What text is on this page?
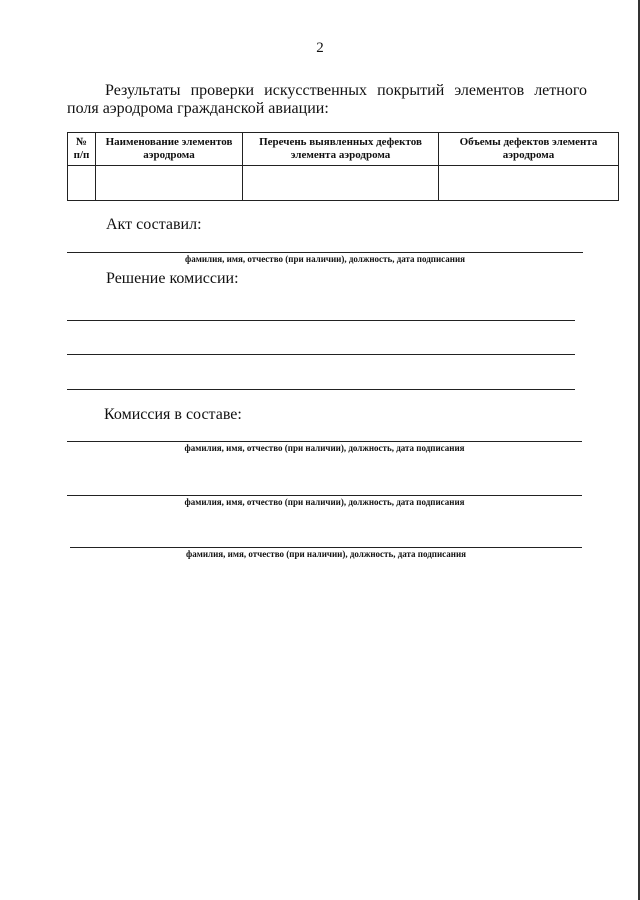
2
Результаты проверки искусственных покрытий элементов летного поля аэродрома гражданской авиации:
№ п/п	Наименование элементов аэродрома	Перечень выявленных дефектов элемента аэродрома	Объемы дефектов элемента аэродрома

Акт составил:
фамилия, имя, отчество (при наличии), должность, дата подписания
Решение комиссии:
Комиссия в составе:
фамилия, имя, отчество (при наличии), должность, дата подписания
фамилия, имя, отчество (при наличии), должность, дата подписания
фамилия, имя, отчество (при наличии), должность, дата подписания
